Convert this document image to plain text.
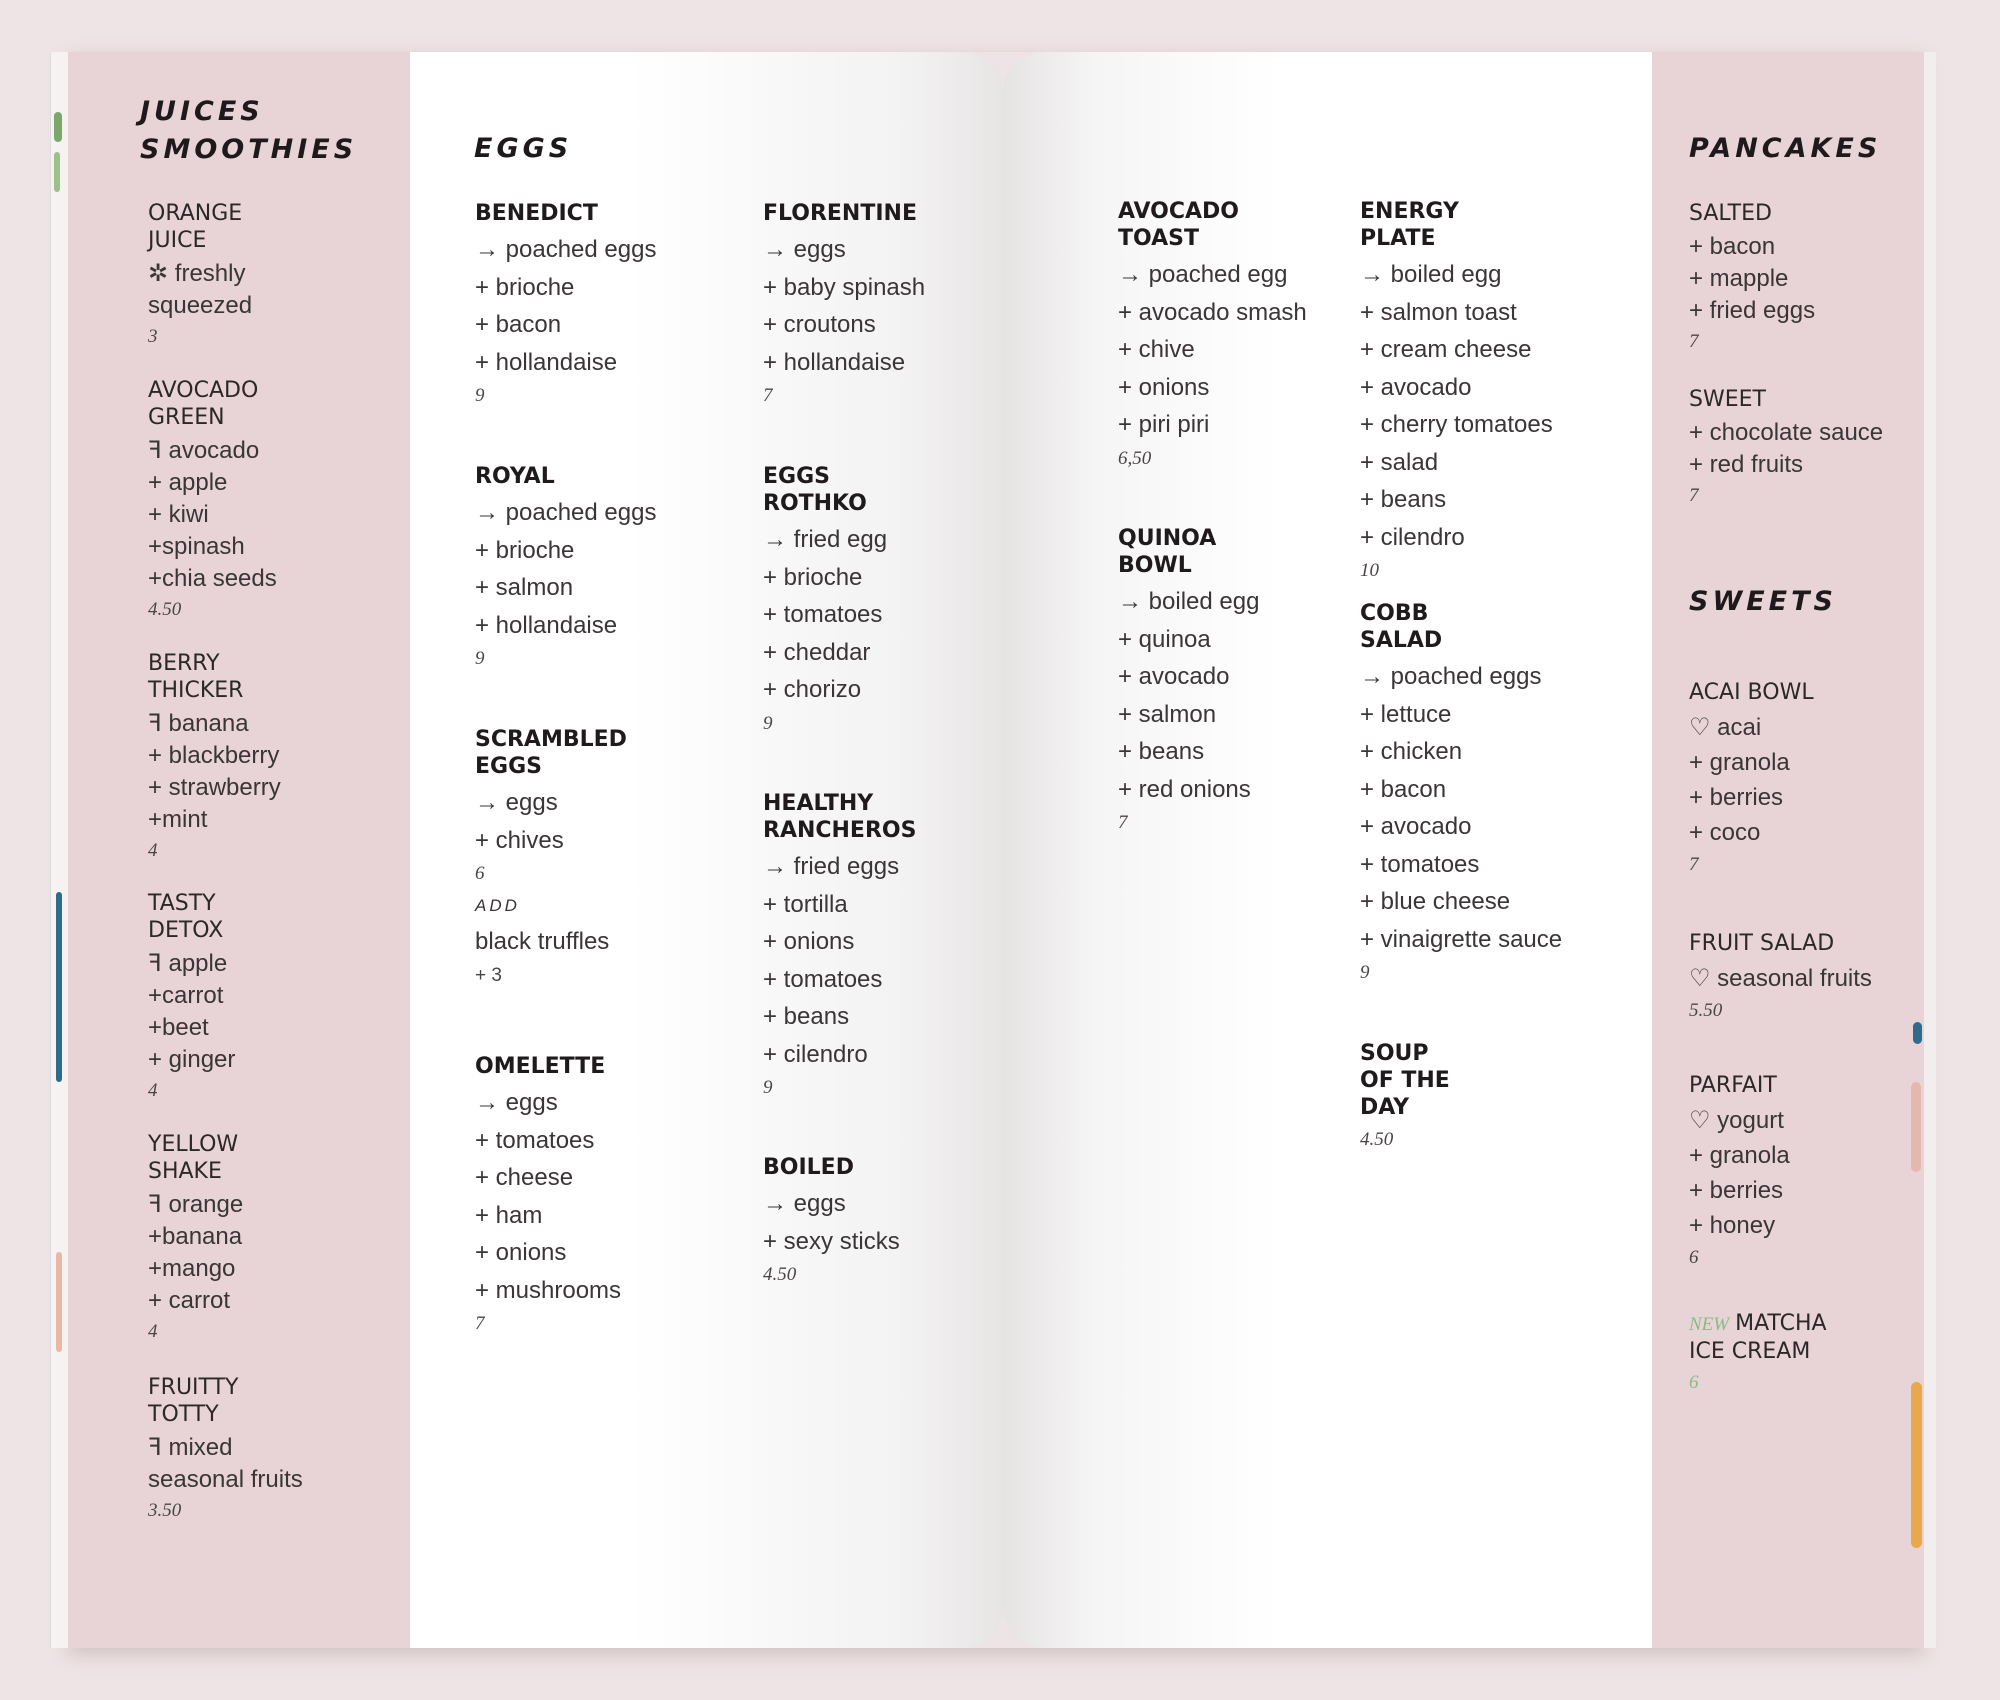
JUICES
SMOOTHIES
ORANGE
JUICE
✲ freshly
squeezed
3
AVOCADO
GREEN
ꟻ avocado
+ apple
+ kiwi
+spinash
+chia seeds
4.50
BERRY
THICKER
ꟻ banana
+ blackberry
+ strawberry
+mint
4
TASTY
DETOX
ꟻ apple
+carrot
+beet
+ ginger
4
YELLOW
SHAKE
ꟻ orange
+banana
+mango
+ carrot
4
FRUITTY
TOTTY
ꟻ mixed
seasonal fruits
3.50
EGGS
BENEDICT
→ poached eggs
+ brioche
+ bacon
+ hollandaise
9
ROYAL
→ poached eggs
+ brioche
+ salmon
+ hollandaise
9
SCRAMBLED
EGGS
→ eggs
+ chives
6
ADD
black truffles
+ 3
OMELETTE
→ eggs
+ tomatoes
+ cheese
+ ham
+ onions
+ mushrooms
7
FLORENTINE
→ eggs
+ baby spinash
+ croutons
+ hollandaise
7
EGGS
ROTHKO
→ fried egg
+ brioche
+ tomatoes
+ cheddar
+ chorizo
9
HEALTHY
RANCHEROS
→ fried eggs
+ tortilla
+ onions
+ tomatoes
+ beans
+ cilendro
9
BOILED
→ eggs
+ sexy sticks
4.50
AVOCADO
TOAST
→ poached egg
+ avocado smash
+ chive
+ onions
+ piri piri
6,50
QUINOA
BOWL
→ boiled egg
+ quinoa
+ avocado
+ salmon
+ beans
+ red onions
7
ENERGY
PLATE
→ boiled egg
+ salmon toast
+ cream cheese
+ avocado
+ cherry tomatoes
+ salad
+ beans
+ cilendro
10
COBB
SALAD
→ poached eggs
+ lettuce
+ chicken
+ bacon
+ avocado
+ tomatoes
+ blue cheese
+ vinaigrette sauce
9
SOUP
OF THE
DAY
4.50
PANCAKES
SALTED
+ bacon
+ mapple
+ fried eggs
7
SWEET
+ chocolate sauce
+ red fruits
7
SWEETS
ACAI BOWL
♡ acai
+ granola
+ berries
+ coco
7
FRUIT SALAD
♡ seasonal fruits
5.50
PARFAIT
♡ yogurt
+ granola
+ berries
+ honey
6
NEW MATCHA
ICE CREAM
6
